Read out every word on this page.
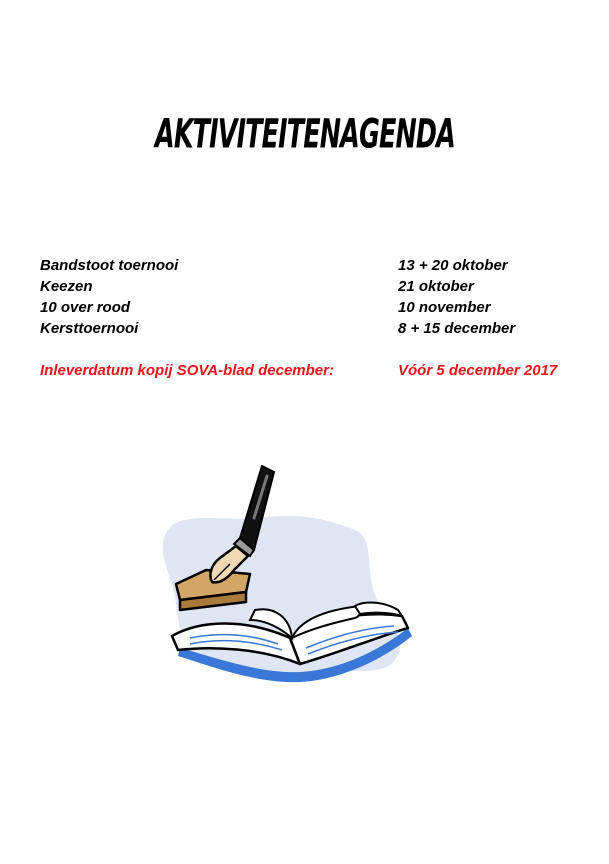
AKTIVITEITENAGENDA
Bandstoot toernooi	13 + 20 oktober
Keezen	21 oktober
10 over rood	10 november
Kersttoernooi	8 + 15 december
Inleverdatum kopij SOVA-blad december:	Vóór 5 december 2017
